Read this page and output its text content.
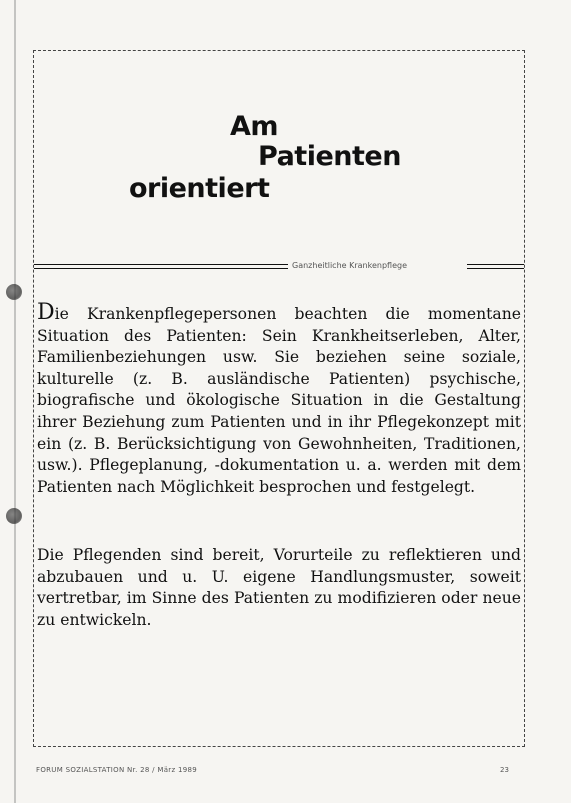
Am
Patienten
orientiert
Ganzheitliche Krankenpflege

Die Krankenpflegepersonen beachten die momentane Situation des Patienten: Sein Krankheitserleben, Alter, Familienbeziehungen usw. Sie beziehen seine soziale, kulturelle (z. B. ausländische Patienten) psychische, biografische und ökologische Situation in die Gestaltung ihrer Beziehung zum Patienten und in ihr Pflegekonzept mit ein (z. B. Berücksichtigung von Gewohnheiten, Traditionen, usw.). Pflegeplanung, -dokumentation u. a. werden mit dem Patienten nach Möglichkeit besprochen und festgelegt.

Die Pflegenden sind bereit, Vorurteile zu reflektieren und abzubauen und u. U. eigene Handlungsmuster, soweit vertretbar, im Sinne des Patienten zu modifizieren oder neue zu entwickeln.

FORUM SOZIALSTATION Nr. 28 / März 1989	23
